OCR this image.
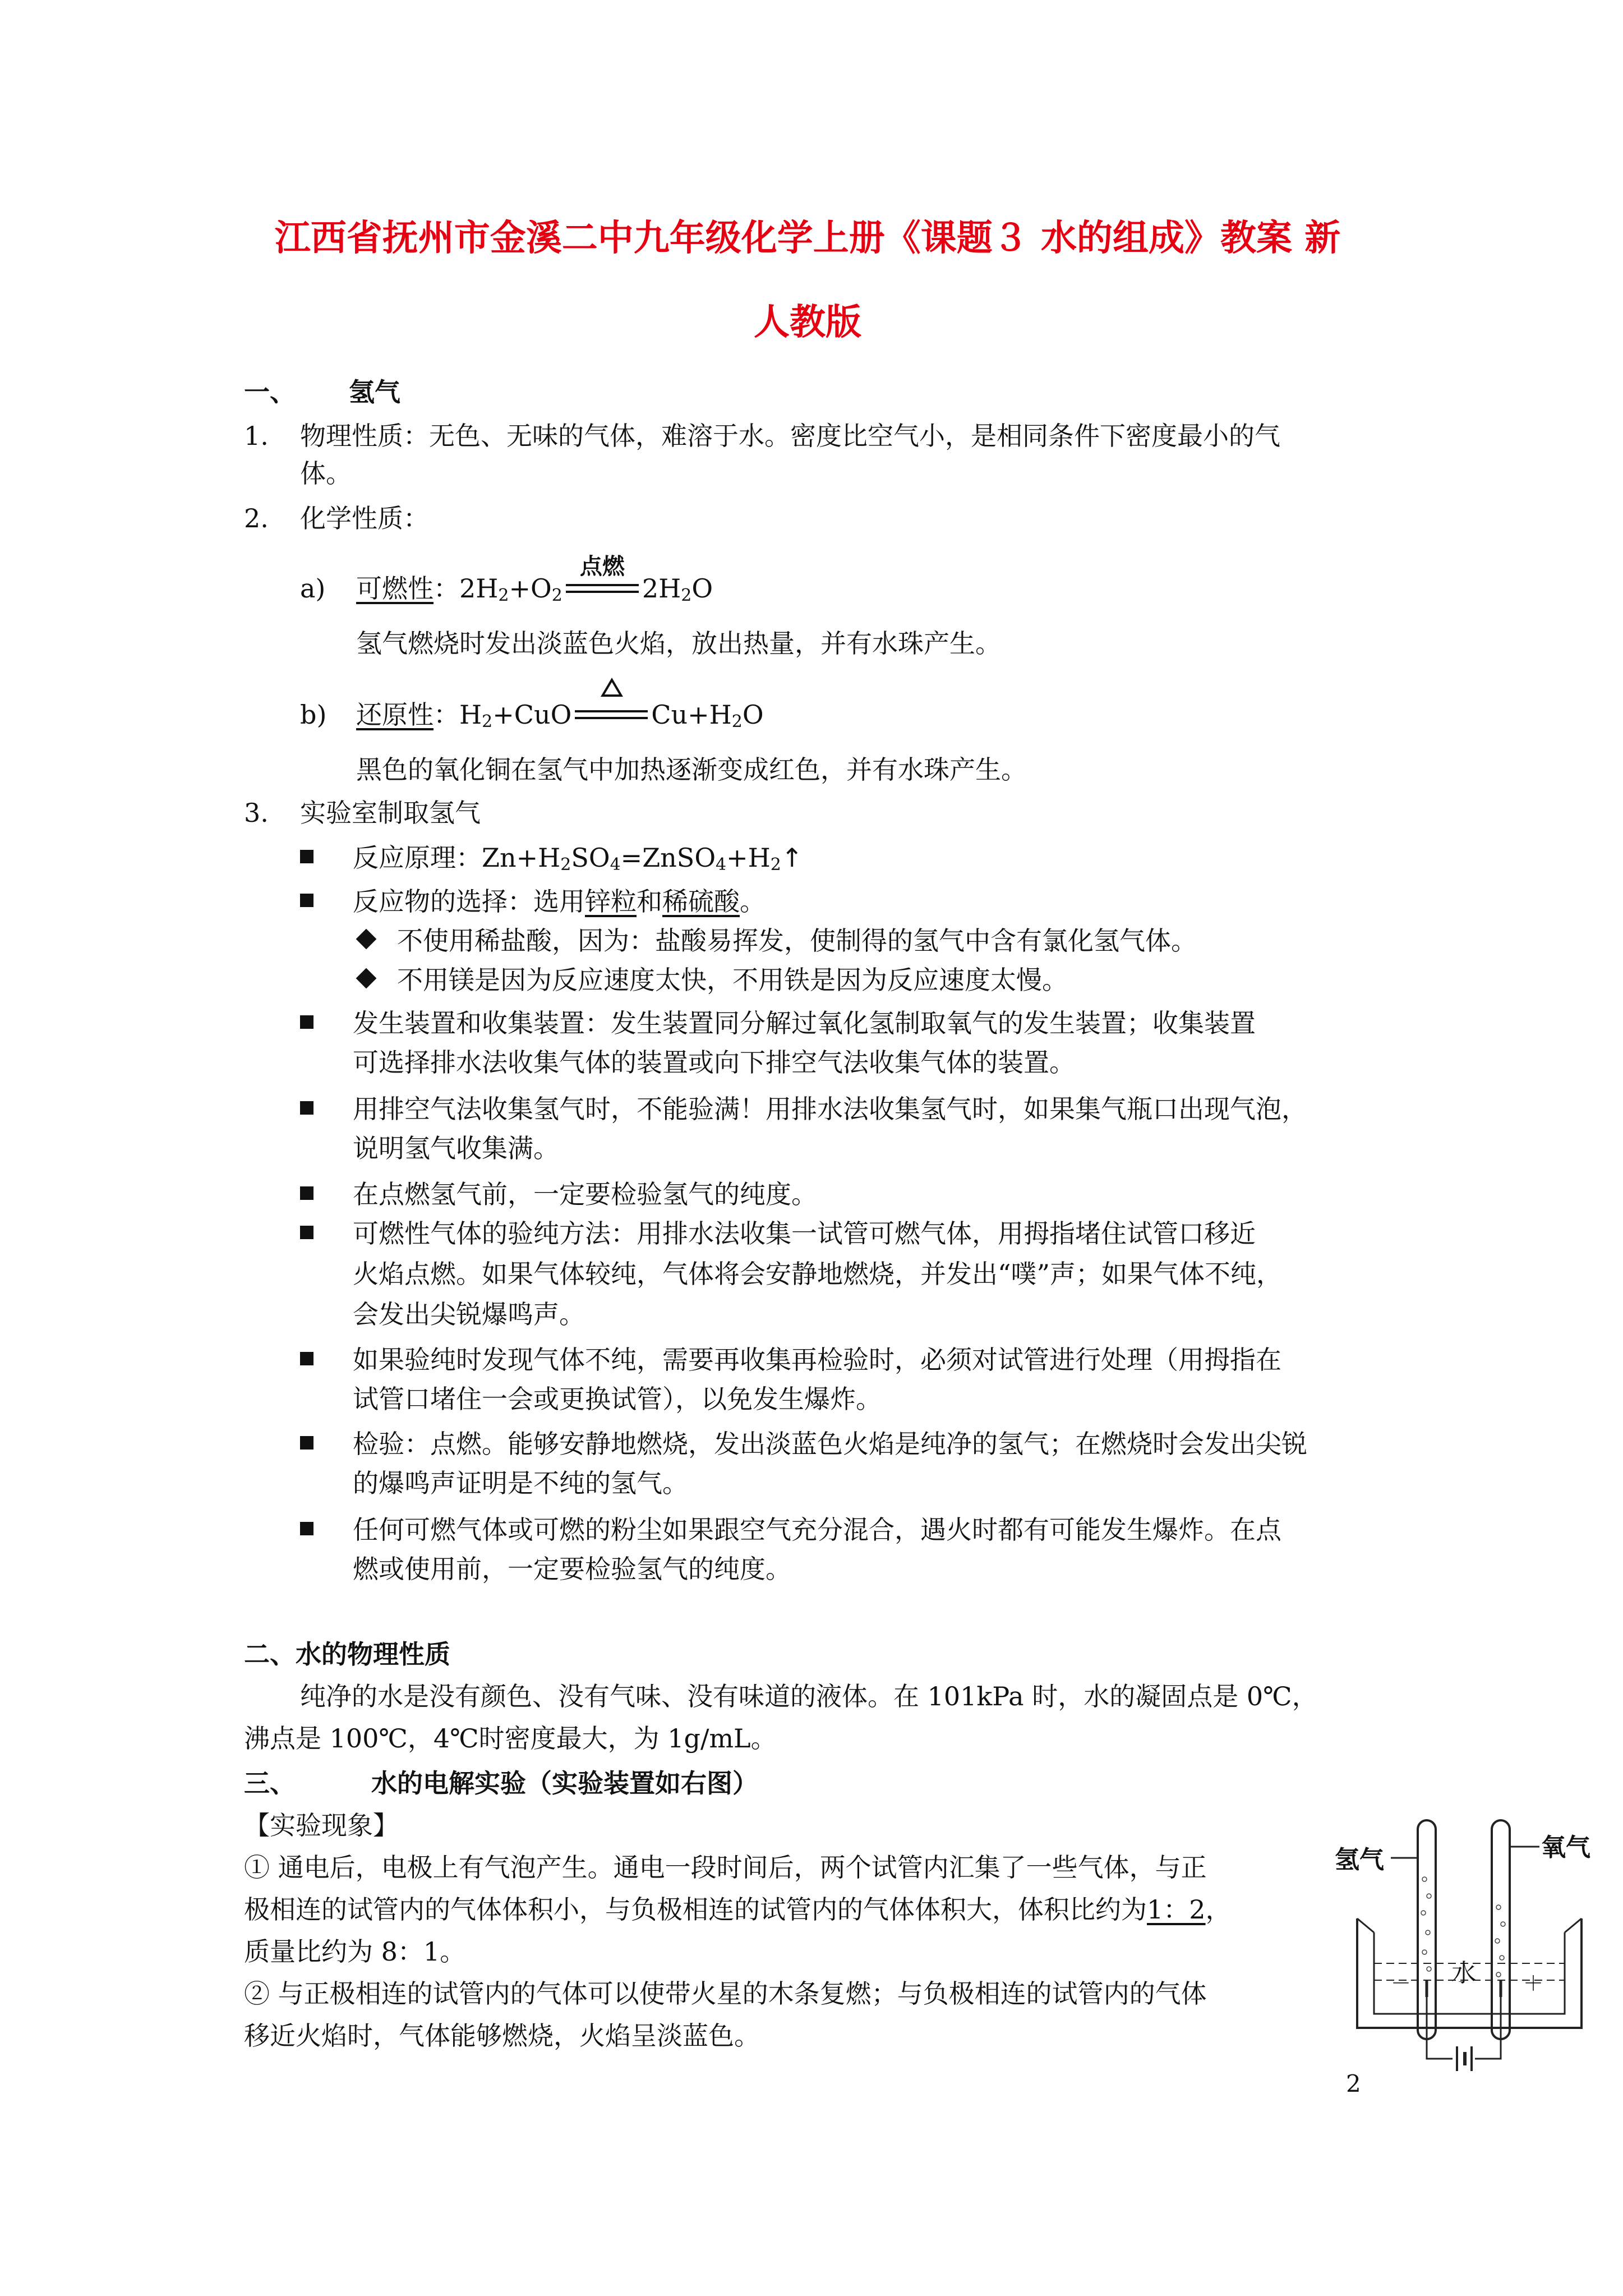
江西省抚州市金溪二中九年级化学上册《课题３ 水的组成》教案 新
人教版
一、 氢气
1. 物理性质：无色、无味的气体，难溶于水。密度比空气小，是相同条件下密度最小的气
体。
2. 化学性质：
a) 可燃性：$2H_2+O_2$
点燃
$2H_2O$
氢气燃烧时发出淡蓝色火焰，放出热量，并有水珠产生。
b) 还原性：$H_2+CuO$	$Cu+H_2O$
黑色的氧化铜在氢气中加热逐渐变成红色，并有水珠产生。
3. 实验室制取氢气
反应原理：$Zn+H_2SO_4=ZnSO_4+H_2↑$
反应物的选择：选用锌粒和稀硫酸。
不使用稀盐酸，因为：盐酸易挥发，使制得的氢气中含有氯化氢气体。
不用镁是因为反应速度太快，不用铁是因为反应速度太慢。
发生装置和收集装置：发生装置同分解过氧化氢制取氧气的发生装置；收集装置
可选择排水法收集气体的装置或向下排空气法收集气体的装置。
用排空气法收集氢气时，不能验满！用排水法收集氢气时，如果集气瓶口出现气泡，
说明氢气收集满。
在点燃氢气前，一定要检验氢气的纯度。
可燃性气体的验纯方法：用排水法收集一试管可燃气体，用拇指堵住试管口移近
火焰点燃。如果气体较纯，气体将会安静地燃烧，并发出“噗”声；如果气体不纯，
会发出尖锐爆鸣声。
如果验纯时发现气体不纯，需要再收集再检验时，必须对试管进行处理（用拇指在
试管口堵住一会或更换试管），以免发生爆炸。
检验：点燃。能够安静地燃烧，发出淡蓝色火焰是纯净的氢气；在燃烧时会发出尖锐
的爆鸣声证明是不纯的氢气。
任何可燃气体或可燃的粉尘如果跟空气充分混合，遇火时都有可能发生爆炸。在点
燃或使用前，一定要检验氢气的纯度。
二、水的物理性质
纯净的水是没有颜色、没有气味、没有味道的液体。在 101kPa 时，水的凝固点是 0℃，
沸点是 100℃，4℃时密度最大，为 1g/mL。
三、	水的电解实验（实验装置如右图）
【实验现象】
① 通电后，电极上有气泡产生。通电一段时间后，两个试管内汇集了一些气体，与正
极相连的试管内的气体体积小，与负极相连的试管内的气体体积大，体积比约为1：2，
质量比约为 8：1。
② 与正极相连的试管内的气体可以使带火星的木条复燃；与负极相连的试管内的气体
移近火焰时，气体能够燃烧，火焰呈淡蓝色。
氢气	氧气
水
－	＋
2
